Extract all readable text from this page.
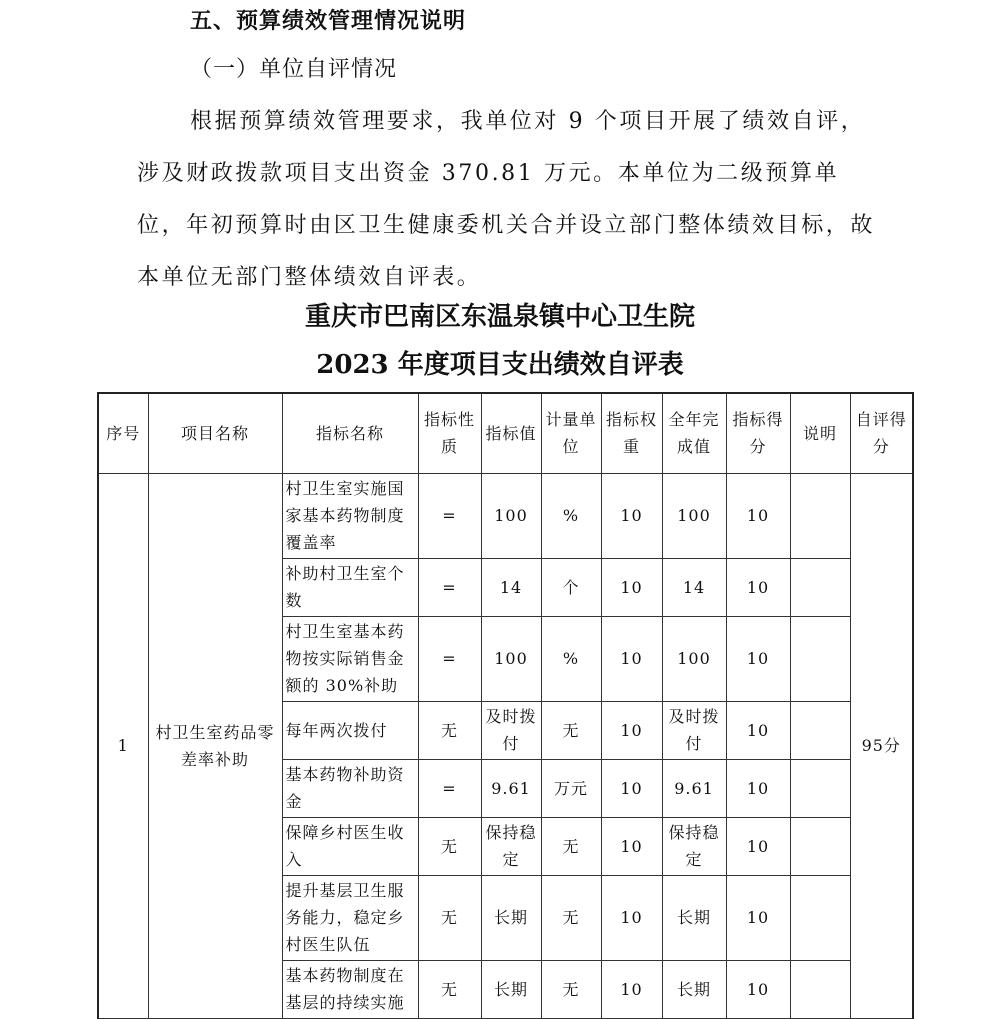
五、预算绩效管理情况说明
（一）单位自评情况

根据预算绩效管理要求，我单位对 9 个项目开展了绩效自评，涉及财政拨款项目支出资金 370.81 万元。本单位为二级预算单位，年初预算时由区卫生健康委机关合并设立部门整体绩效目标，故本单位无部门整体绩效自评表。

重庆市巴南区东温泉镇中心卫生院
2023 年度项目支出绩效自评表
序号	项目名称	指标名称	指标性质	指标值	计量单位	指标权重	全年完成值	指标得分	说明	自评得分
1	村卫生室药品零差率补助	村卫生室实施国家基本药物制度覆盖率	=	100	%	10	100	10		95分
		补助村卫生室个数	=	14	个	10	14	10		
		村卫生室基本药物按实际销售金额的 30%补助	=	100	%	10	100	10		
		每年两次拨付	无	及时拨付	无	10	及时拨付	10		
		基本药物补助资金	=	9.61	万元	10	9.61	10		
		保障乡村医生收入	无	保持稳定	无	10	保持稳定	10		
		提升基层卫生服务能力，稳定乡村医生队伍	无	长期	无	10	长期	10		
		基本药物制度在基层的持续实施	无	长期	无	10	长期	10		
